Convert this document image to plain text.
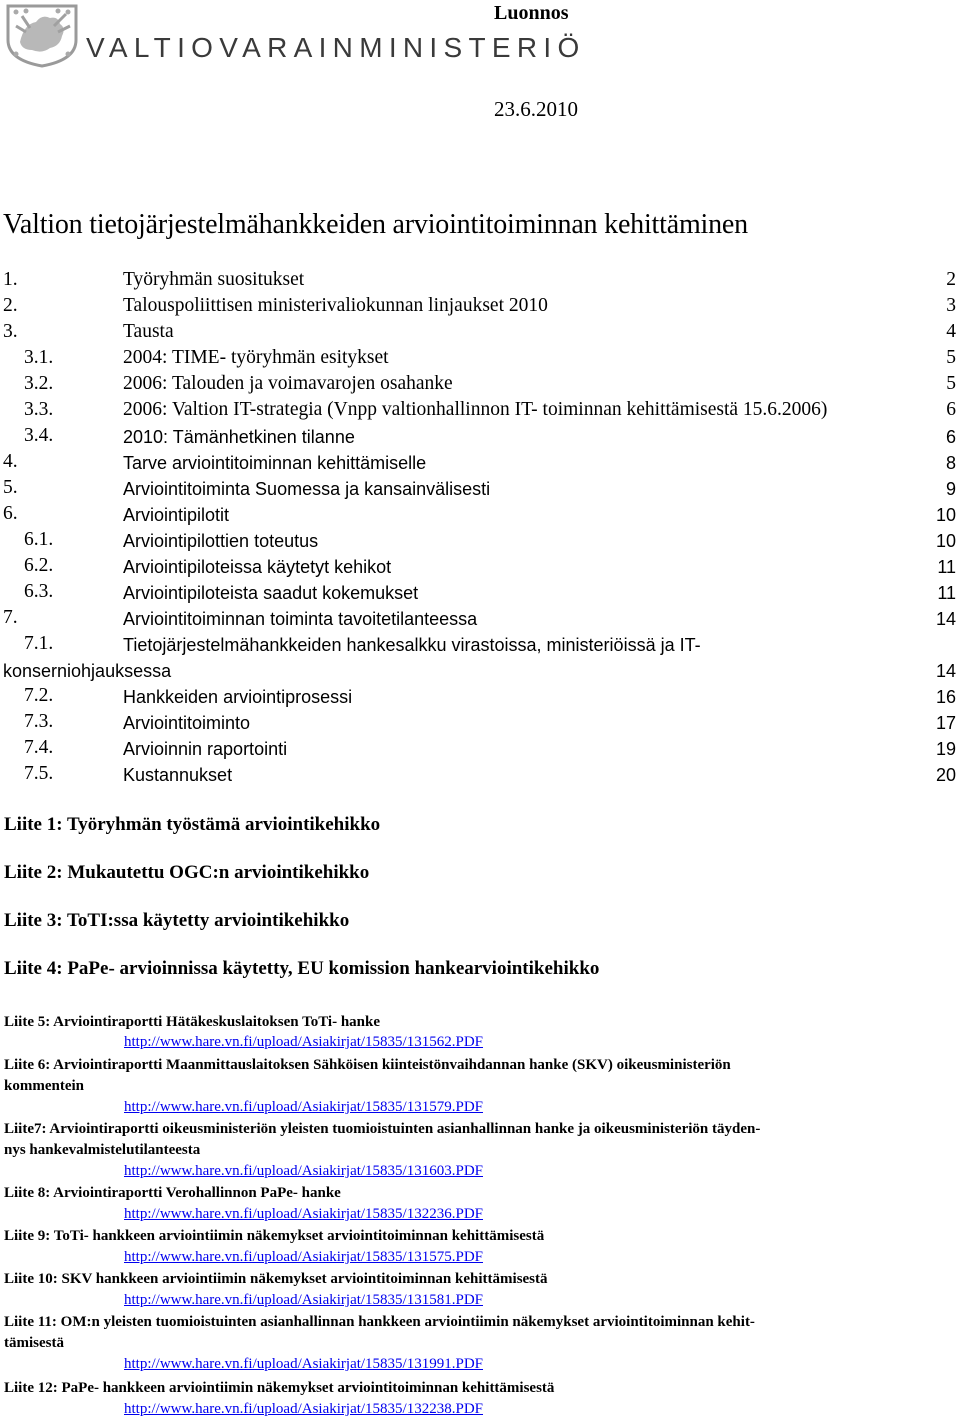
VALTIOVARAINMINISTERIÖ
Luonnos
23.6.2010
Valtion tietojärjestelmähankkeiden arviointitoiminnan kehittäminen
1.	Työryhmän suositukset	2
2.	Talouspoliittisen ministerivaliokunnan linjaukset 2010	3
3.	Tausta	4
3.1.	2004: TIME- työryhmän esitykset	5
3.2.	2006: Talouden ja voimavarojen osahanke	5
3.3.	2006: Valtion IT-strategia (Vnpp valtionhallinnon IT- toiminnan kehittämisestä 15.6.2006)	6
3.4.	2010: Tämänhetkinen tilanne	6
4.	Tarve arviointitoiminnan kehittämiselle	8
5.	Arviointitoiminta Suomessa ja kansainvälisesti	9
6.	Arviointipilotit	10
6.1.	Arviointipilottien toteutus	10
6.2.	Arviointipiloteissa käytetyt kehikot	11
6.3.	Arviointipiloteista saadut kokemukset	11
7.	Arviointitoiminnan toiminta tavoitetilanteessa	14
7.1.	Tietojärjestelmähankkeiden hankesalkku virastoissa, ministeriöissä ja IT-
konserniohjauksessa	14
7.2.	Hankkeiden arviointiprosessi	16
7.3.	Arviointitoiminto	17
7.4.	Arvioinnin raportointi	19
7.5.	Kustannukset	20
Liite 1: Työryhmän työstämä arviointikehikko
Liite 2: Mukautettu OGC:n arviointikehikko
Liite 3: ToTI:ssa käytetty arviointikehikko
Liite 4: PaPe- arvioinnissa käytetty, EU komission hankearviointikehikko
Liite 5: Arviointiraportti Hätäkeskuslaitoksen ToTi- hanke
http://www.hare.vn.fi/upload/Asiakirjat/15835/131562.PDF
Liite 6: Arviointiraportti Maanmittauslaitoksen Sähköisen kiinteistönvaihdannan hanke (SKV) oikeusministeriön
kommentein
http://www.hare.vn.fi/upload/Asiakirjat/15835/131579.PDF
Liite7: Arviointiraportti oikeusministeriön yleisten tuomioistuinten asianhallinnan hanke ja oikeusministeriön täyden-
nys hankevalmistelutilanteesta
http://www.hare.vn.fi/upload/Asiakirjat/15835/131603.PDF
Liite 8: Arviointiraportti Verohallinnon PaPe- hanke
http://www.hare.vn.fi/upload/Asiakirjat/15835/132236.PDF
Liite 9: ToTi- hankkeen arviointiimin näkemykset arviointitoiminnan kehittämisestä
http://www.hare.vn.fi/upload/Asiakirjat/15835/131575.PDF
Liite 10: SKV hankkeen arviointiimin näkemykset arviointitoiminnan kehittämisestä
http://www.hare.vn.fi/upload/Asiakirjat/15835/131581.PDF
Liite 11: OM:n yleisten tuomioistuinten asianhallinnan hankkeen arviointiimin näkemykset arviointitoiminnan kehit-
tämisestä
http://www.hare.vn.fi/upload/Asiakirjat/15835/131991.PDF
Liite 12: PaPe- hankkeen arviointiimin näkemykset arviointitoiminnan kehittämisestä
http://www.hare.vn.fi/upload/Asiakirjat/15835/132238.PDF
